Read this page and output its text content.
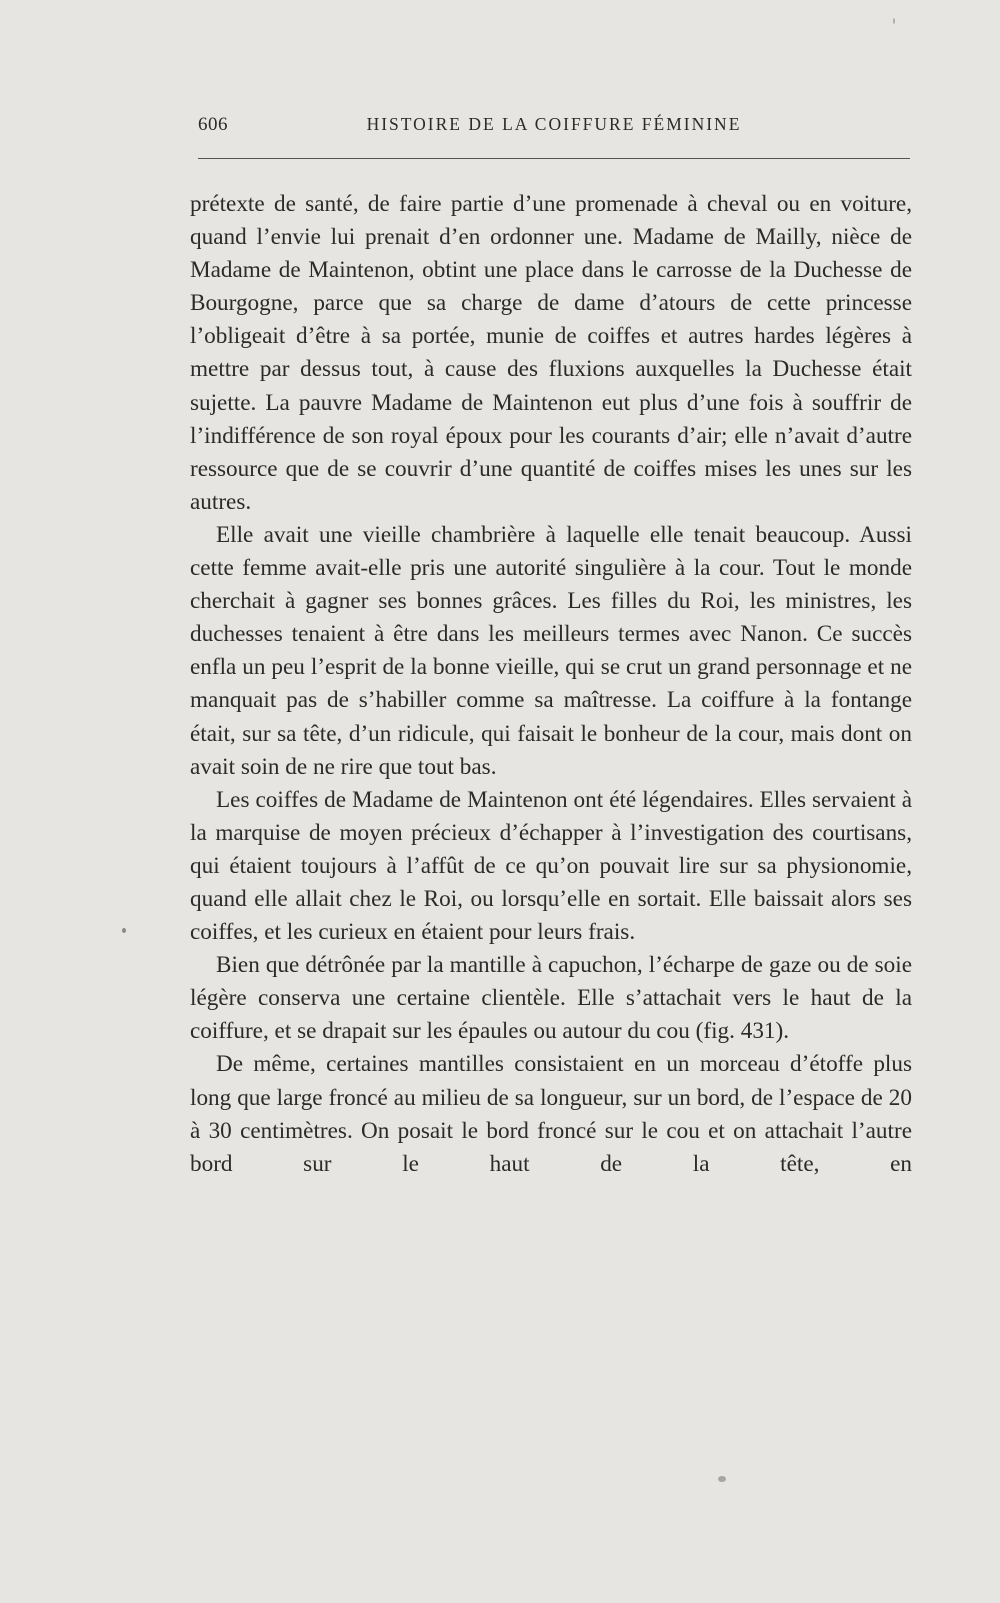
606	HISTOIRE DE LA COIFFURE FÉMININE

prétexte de santé, de faire partie d’une promenade à cheval ou en voiture, quand l’envie lui prenait d’en ordonner une. Madame de Mailly, nièce de Madame de Maintenon, obtint une place dans le carrosse de la Duchesse de Bourgogne, parce que sa charge de dame d’atours de cette princesse l’obligeait d’être à sa portée, munie de coiffes et autres hardes légères à mettre par dessus tout, à cause des fluxions auxquelles la Duchesse était sujette. La pauvre Madame de Maintenon eut plus d’une fois à souffrir de l’indifférence de son royal époux pour les courants d’air; elle n’avait d’autre ressource que de se couvrir d’une quantité de coiffes mises les unes sur les autres.

Elle avait une vieille chambrière à laquelle elle tenait beaucoup. Aussi cette femme avait-elle pris une autorité singulière à la cour. Tout le monde cherchait à gagner ses bonnes grâces. Les filles du Roi, les ministres, les duchesses tenaient à être dans les meilleurs termes avec Nanon. Ce succès enfla un peu l’esprit de la bonne vieille, qui se crut un grand personnage et ne manquait pas de s’habiller comme sa maîtresse. La coiffure à la fontange était, sur sa tête, d’un ridicule, qui faisait le bonheur de la cour, mais dont on avait soin de ne rire que tout bas.

Les coiffes de Madame de Maintenon ont été légendaires. Elles servaient à la marquise de moyen précieux d’échapper à l’investigation des courtisans, qui étaient toujours à l’affût de ce qu’on pouvait lire sur sa physionomie, quand elle allait chez le Roi, ou lorsqu’elle en sortait. Elle baissait alors ses coiffes, et les curieux en étaient pour leurs frais.

Bien que détrônée par la mantille à capuchon, l’écharpe de gaze ou de soie légère conserva une certaine clientèle. Elle s’attachait vers le haut de la coiffure, et se drapait sur les épaules ou autour du cou (fig. 431).

De même, certaines mantilles consistaient en un morceau d’étoffe plus long que large froncé au milieu de sa longueur, sur un bord, de l’espace de 20 à 30 centimètres. On posait le bord froncé sur le cou et on attachait l’autre bord sur le haut de la tête, en
